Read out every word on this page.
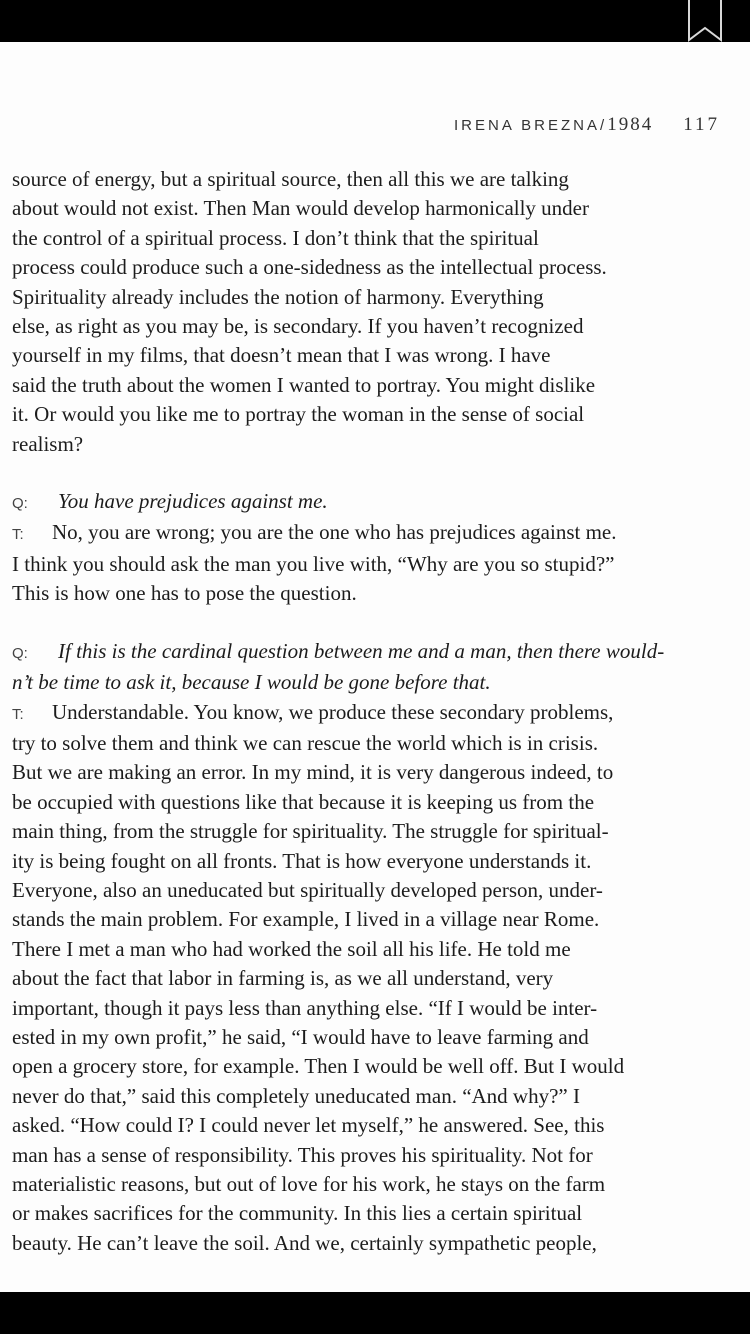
IRENA BREZNA/1984 117
source of energy, but a spiritual source, then all this we are talking
about would not exist. Then Man would develop harmonically under
the control of a spiritual process. I don’t think that the spiritual
process could produce such a one-sidedness as the intellectual process.
Spirituality already includes the notion of harmony. Everything
else, as right as you may be, is secondary. If you haven’t recognized
yourself in my films, that doesn’t mean that I was wrong. I have
said the truth about the women I wanted to portray. You might dislike
it. Or would you like me to portray the woman in the sense of social
realism?
Q: You have prejudices against me.
T: No, you are wrong; you are the one who has prejudices against me.
I think you should ask the man you live with, “Why are you so stupid?”
This is how one has to pose the question.
Q: If this is the cardinal question between me and a man, then there would-
n’t be time to ask it, because I would be gone before that.
T: Understandable. You know, we produce these secondary problems,
try to solve them and think we can rescue the world which is in crisis.
But we are making an error. In my mind, it is very dangerous indeed, to
be occupied with questions like that because it is keeping us from the
main thing, from the struggle for spirituality. The struggle for spiritual-
ity is being fought on all fronts. That is how everyone understands it.
Everyone, also an uneducated but spiritually developed person, under-
stands the main problem. For example, I lived in a village near Rome.
There I met a man who had worked the soil all his life. He told me
about the fact that labor in farming is, as we all understand, very
important, though it pays less than anything else. “If I would be inter-
ested in my own profit,” he said, “I would have to leave farming and
open a grocery store, for example. Then I would be well off. But I would
never do that,” said this completely uneducated man. “And why?” I
asked. “How could I? I could never let myself,” he answered. See, this
man has a sense of responsibility. This proves his spirituality. Not for
materialistic reasons, but out of love for his work, he stays on the farm
or makes sacrifices for the community. In this lies a certain spiritual
beauty. He can’t leave the soil. And we, certainly sympathetic people,
